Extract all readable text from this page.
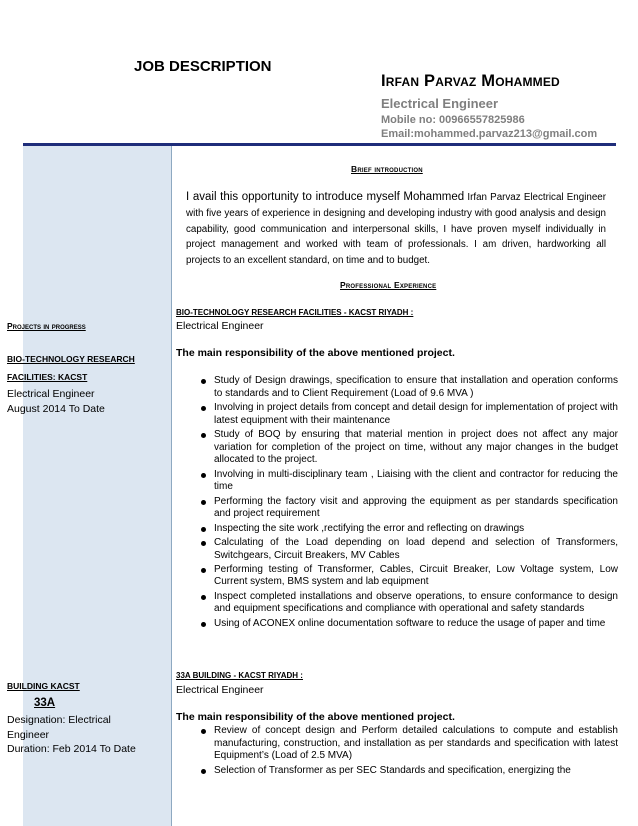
JOB DESCRIPTION
Irfan Parvaz Mohammed
Electrical Engineer
Mobile no: 00966557825986
Email:mohammed.parvaz213@gmail.com
Projects in progress
BIO-TECHNOLOGY RESEARCH
FACILITIES: KACST
Electrical Engineer
August 2014 To Date
BUILDING KACST
33A
Designation: Electrical
Engineer
Duration: Feb 2014 To Date
Brief introduction
I avail this opportunity to introduce myself Mohammed Irfan Parvaz Electrical Engineer with five years of experience in designing and developing industry with good analysis and design capability, good communication and interpersonal skills, I have proven myself individually in project management and worked with team of professionals. I am driven, hardworking all projects to an excellent standard, on time and to budget.
Professional Experience
BIO-TECHNOLOGY RESEARCH FACILITIES - KACST RIYADH :
Electrical Engineer
The main responsibility of the above mentioned project.
Study of Design drawings, specification to ensure that installation and operation conforms to standards and to Client Requirement (Load of 9.6 MVA )
Involving in project details from concept and detail design for implementation of project with latest equipment with their maintenance
Study of BOQ by ensuring that material mention in project does not affect any major variation for completion of the project on time, without any major changes in the budget allocated to the project.
Involving in multi-disciplinary team , Liaising with the client and contractor for reducing the time
Performing the factory visit and approving the equipment as per standards specification and project requirement
Inspecting the site work ,rectifying the error and reflecting on drawings
Calculating of the Load depending on load depend and selection of Transformers, Switchgears, Circuit Breakers, MV Cables
Performing testing of Transformer, Cables, Circuit Breaker, Low Voltage system, Low Current system, BMS system and lab equipment
Inspect completed installations and observe operations, to ensure conformance to design and equipment specifications and compliance with operational and safety standards
Using of ACONEX online documentation software to reduce the usage of paper and time
33A BUILDING - KACST RIYADH :
Electrical Engineer
The main responsibility of the above mentioned project.
Review of concept design and Perform detailed calculations to compute and establish manufacturing, construction, and installation as per standards and specification with latest Equipment’s (Load of 2.5 MVA)
Selection of Transformer as per SEC Standards and specification, energizing the
